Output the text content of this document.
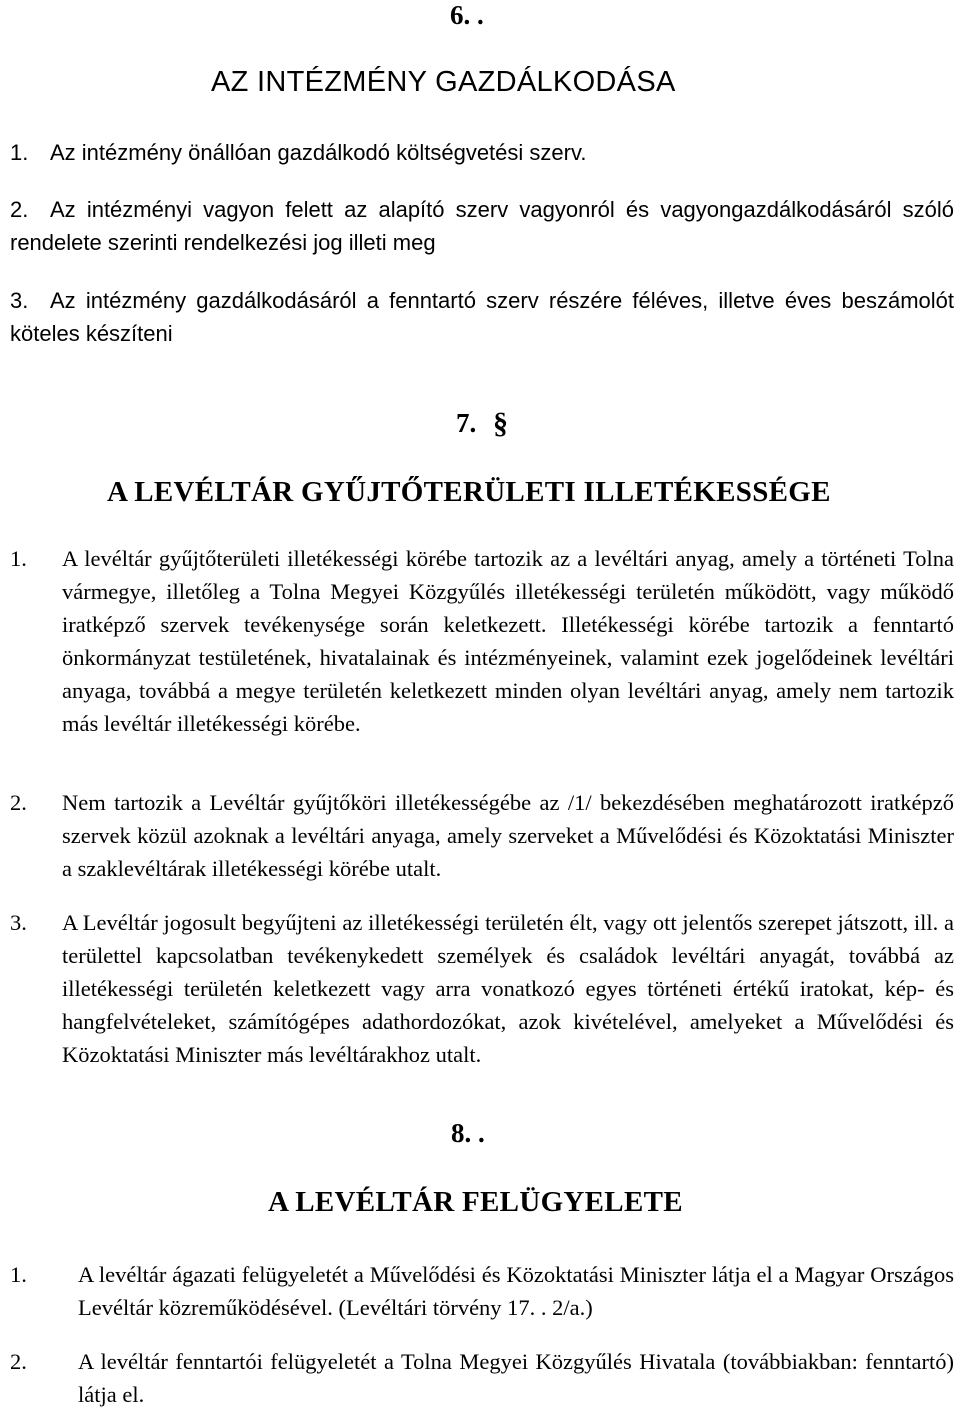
6. .
AZ INTÉZMÉNY GAZDÁLKODÁSA
1. Az intézmény önállóan gazdálkodó költségvetési szerv.
2. Az intézményi vagyon felett az alapító szerv vagyonról és vagyongazdálkodásáról szóló rendelete szerinti rendelkezési jog illeti meg
3. Az intézmény gazdálkodásáról a fenntartó szerv részére féléves, illetve éves beszámolót köteles készíteni
7. §
A LEVÉLTÁR GYŰJTŐTERÜLETI ILLETÉKESSÉGE
1.	A levéltár gyűjtőterületi illetékességi körébe tartozik az a levéltári anyag, amely a történeti Tolna vármegye, illetőleg a Tolna Megyei Közgyűlés illetékességi területén működött, vagy működő iratképző szervek tevékenysége során keletkezett. Illetékességi körébe tartozik a fenntartó önkormányzat testületének, hivatalainak és intézményeinek, valamint ezek jogelődeinek levéltári anyaga, továbbá a megye területén keletkezett minden olyan levéltári anyag, amely nem tartozik más levéltár illetékességi körébe.
2.	Nem tartozik a Levéltár gyűjtőköri illetékességébe az /1/ bekezdésében meghatározott iratképző szervek közül azoknak a levéltári anyaga, amely szerveket a Művelődési és Közoktatási Miniszter a szaklevéltárak illetékességi körébe utalt.
3.	A Levéltár jogosult begyűjteni az illetékességi területén élt, vagy ott jelentős szerepet játszott, ill. a területtel kapcsolatban tevékenykedett személyek és családok levéltári anyagát, továbbá az illetékességi területén keletkezett vagy arra vonatkozó egyes történeti értékű iratokat, kép- és hangfelvételeket, számítógépes adathordozókat, azok kivételével, amelyeket a Művelődési és Közoktatási Miniszter más levéltárakhoz utalt.
8. .
A LEVÉLTÁR FELÜGYELETE
1.	A levéltár ágazati felügyeletét a Művelődési és Közoktatási Miniszter látja el a Magyar Országos Levéltár közreműködésével. (Levéltári törvény 17. . 2/a.)
2.	A levéltár fenntartói felügyeletét a Tolna Megyei Közgyűlés Hivatala (továbbiakban: fenntartó) látja el.
